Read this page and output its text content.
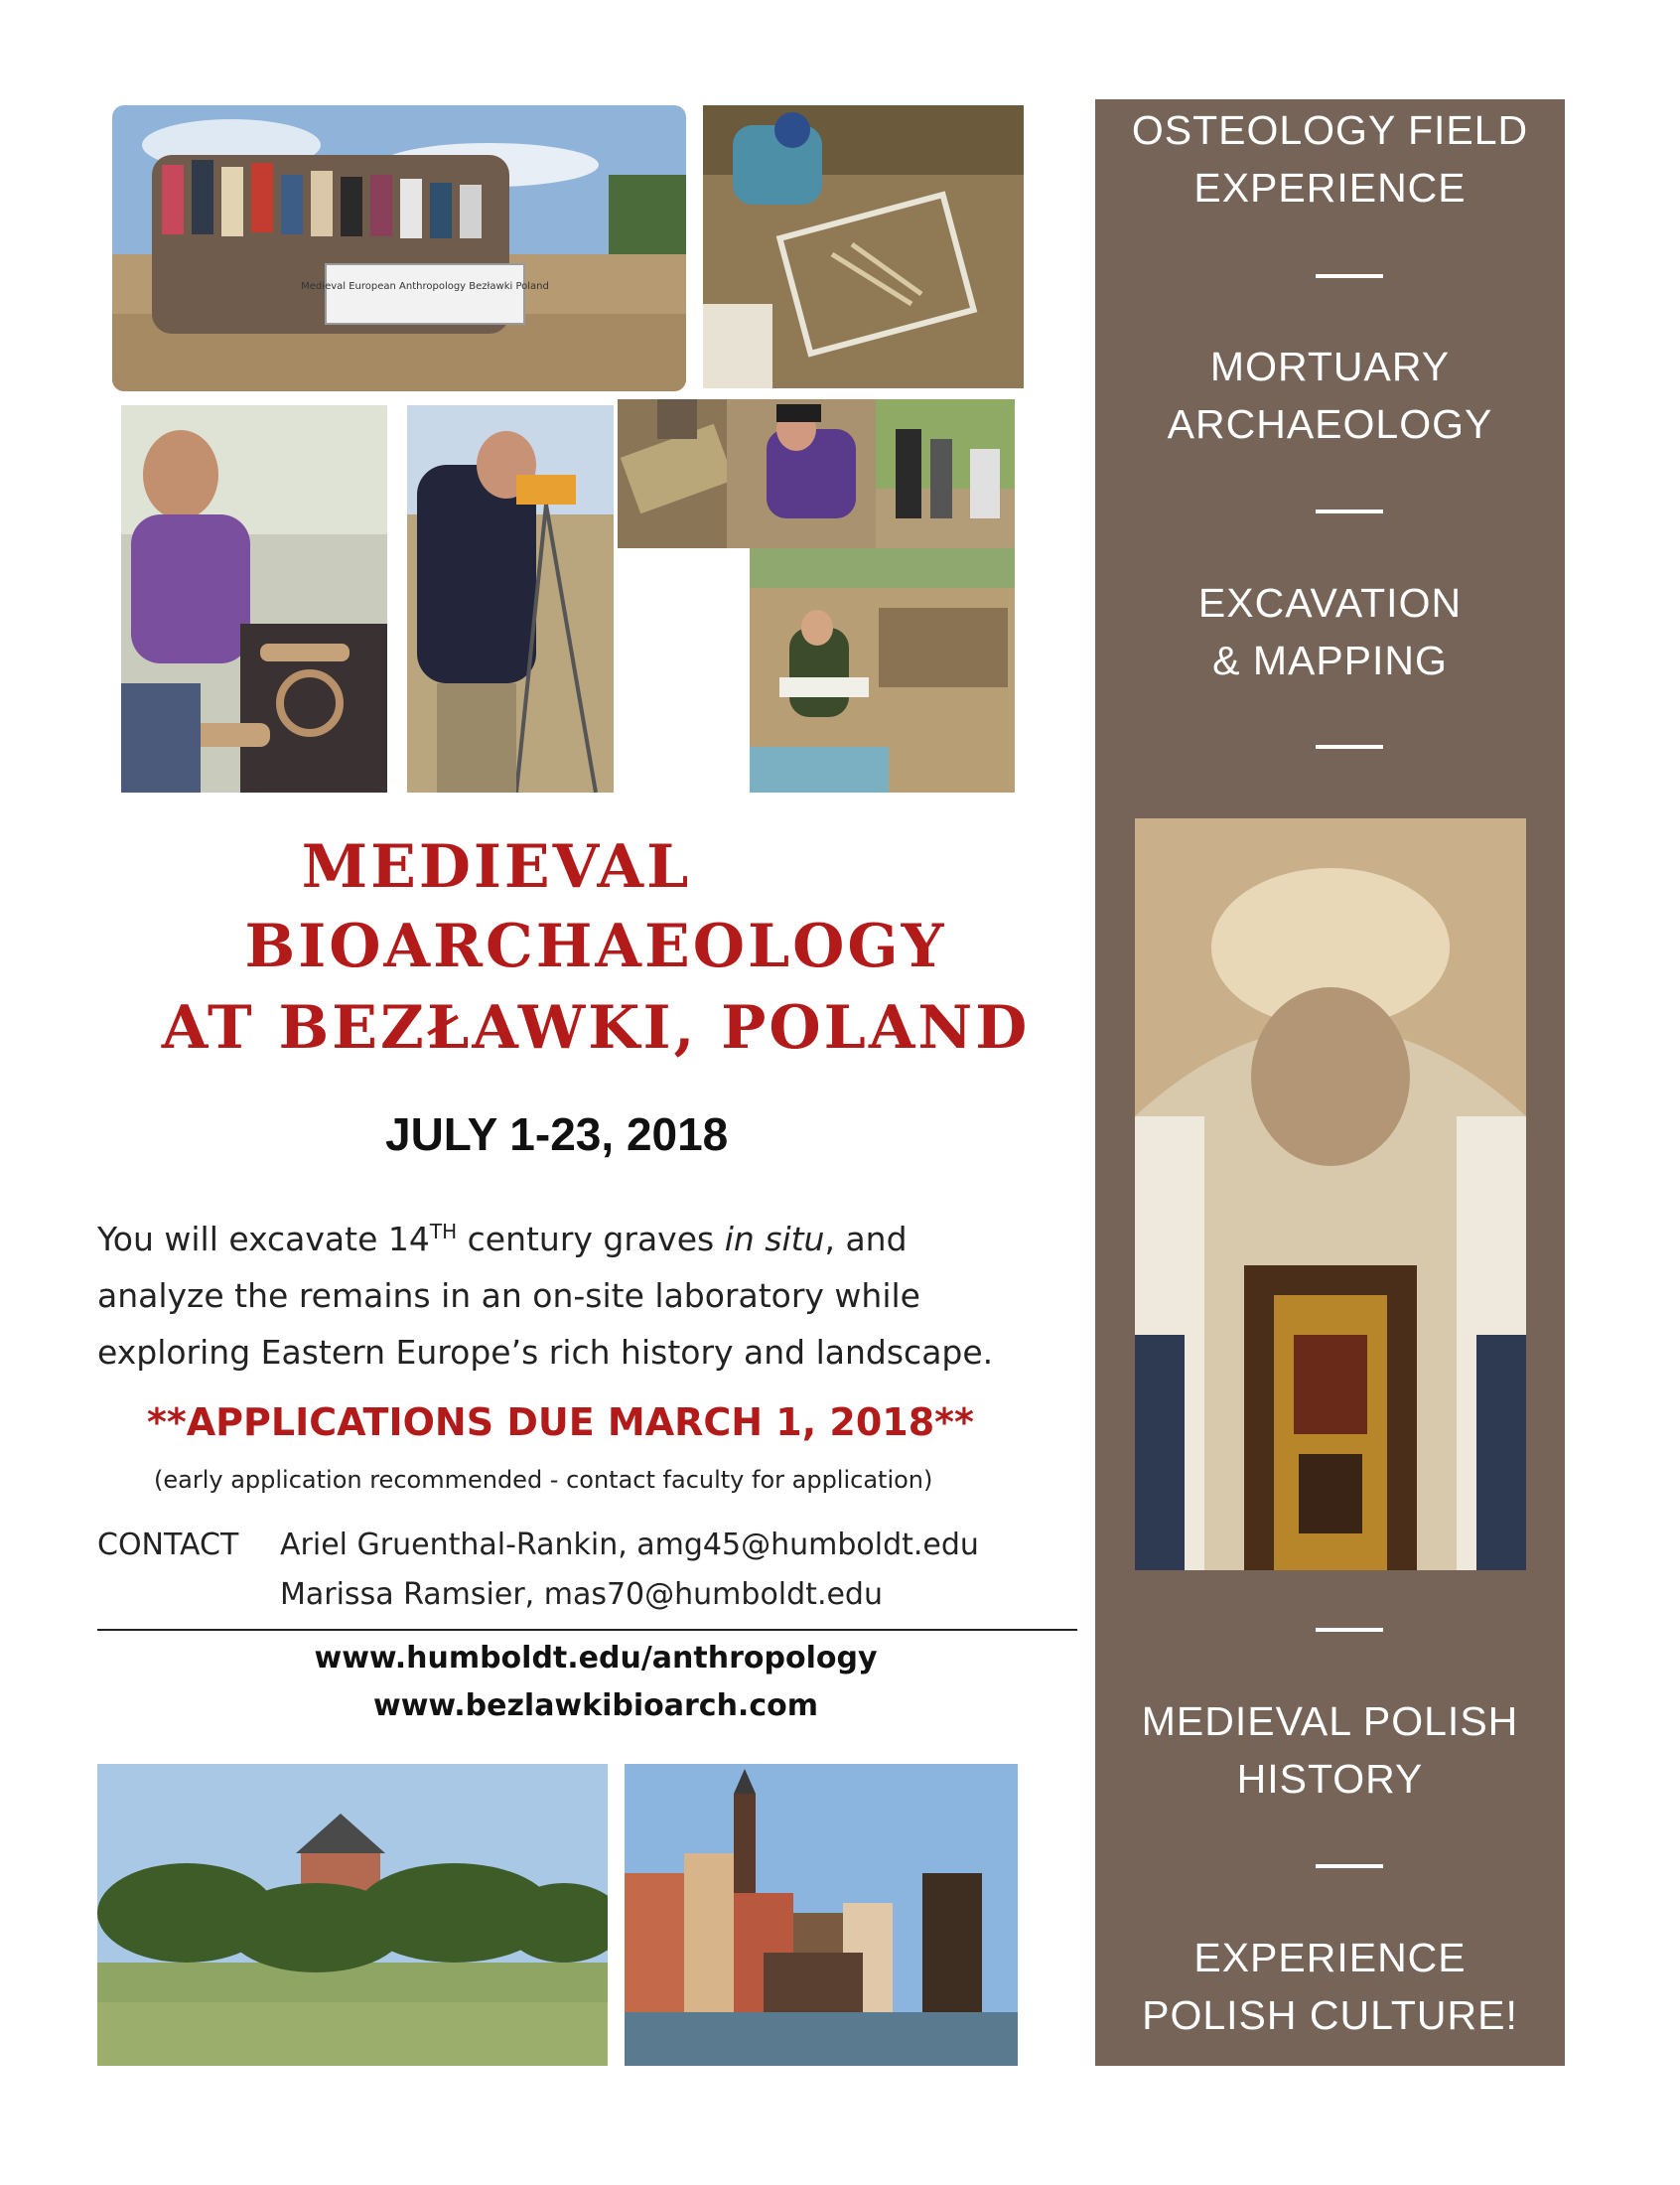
Medieval European Anthropology Bezławki Poland
MEDIEVAL
BIOARCHAEOLOGY
AT BEZŁAWKI, POLAND
JULY 1-23, 2018
You will excavate 14TH century graves in situ, and
analyze the remains in an on-site laboratory while
exploring Eastern Europe’s rich history and landscape.
**APPLICATIONS DUE MARCH 1, 2018**
(early application recommended - contact faculty for application)
CONTACT Ariel Gruenthal-Rankin, amg45@humboldt.edu
Marissa Ramsier, mas70@humboldt.edu
www.humboldt.edu/anthropology
www.bezlawkibioarch.com
OSTEOLOGY FIELD
EXPERIENCE
MORTUARY
ARCHAEOLOGY
EXCAVATION
& MAPPING
MEDIEVAL POLISH
HISTORY
EXPERIENCE
POLISH CULTURE!
